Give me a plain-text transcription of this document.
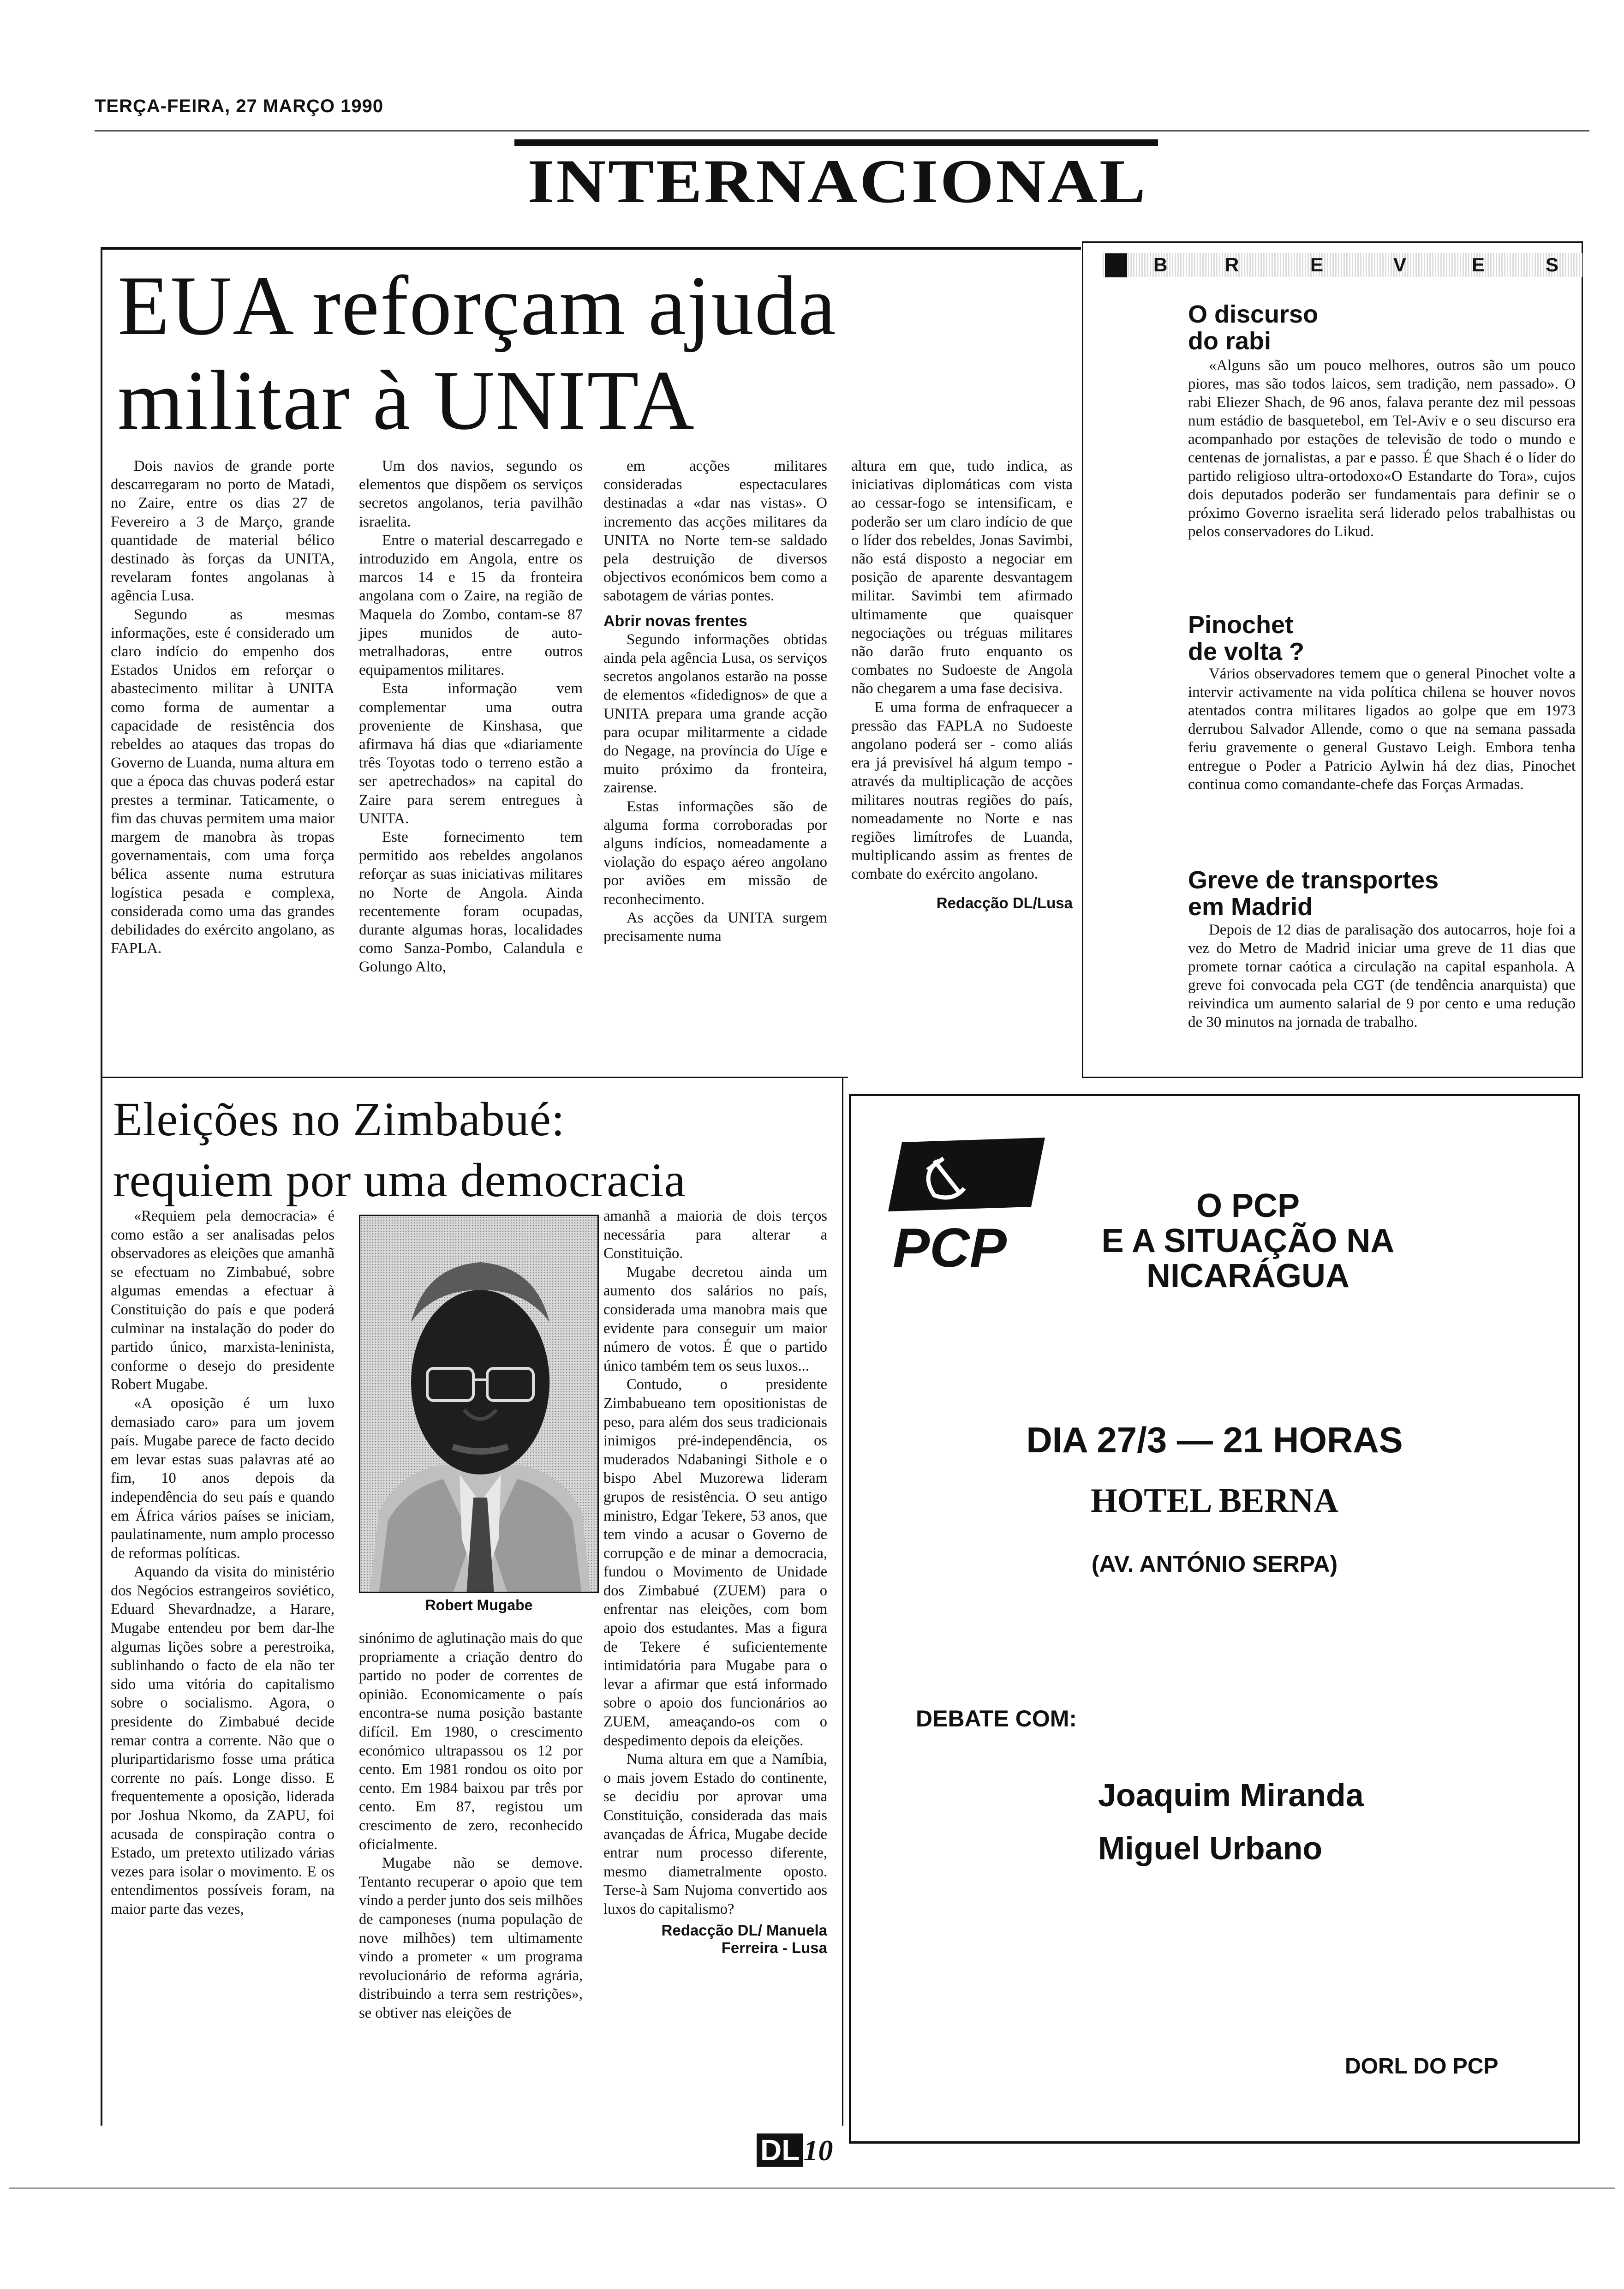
TERÇA-FEIRA, 27 MARÇO 1990
INTERNACIONAL
EUA reforçam ajuda
militar à UNITA

Dois navios de grande porte descarregaram no porto de Matadi, no Zaire, entre os dias 27 de Fevereiro a 3 de Março, grande quantidade de material bélico destinado às forças da UNITA, revelaram fontes angolanas à agência Lusa.

Segundo as mesmas informações, este é considerado um claro indício do empenho dos Estados Unidos em reforçar o abastecimento militar à UNITA como forma de aumentar a capacidade de resistência dos rebeldes ao ataques das tropas do Governo de Luanda, numa altura em que a época das chuvas poderá estar prestes a terminar. Taticamente, o fim das chuvas permitem uma maior margem de manobra às tropas governamentais, com uma força bélica assente numa estrutura logística pesada e complexa, considerada como uma das grandes debilidades do exército angolano, as FAPLA.

Um dos navios, segundo os elementos que dispõem os serviços secretos angolanos, teria pavilhão israelita.

Entre o material descarregado e introduzido em Angola, entre os marcos 14 e 15 da fronteira angolana com o Zaire, na região de Maquela do Zombo, contam-se 87 jipes munidos de auto-metralhadoras, entre outros equipamentos militares.

Esta informação vem complementar uma outra proveniente de Kinshasa, que afirmava há dias que «diariamente três Toyotas todo o terreno estão a ser apetrechados» na capital do Zaire para serem entregues à UNITA.

Este fornecimento tem permitido aos rebeldes angolanos reforçar as suas iniciativas militares no Norte de Angola. Ainda recentemente foram ocupadas, durante algumas horas, localidades como Sanza-Pombo, Calandula e Golungo Alto,

em acções militares consideradas espectaculares destinadas a «dar nas vistas». O incremento das acções militares da UNITA no Norte tem-se saldado pela destruição de diversos objectivos económicos bem como a sabotagem de várias pontes.

Abrir novas frentes

Segundo informações obtidas ainda pela agência Lusa, os serviços secretos angolanos estarão na posse de elementos «fidedignos» de que a UNITA prepara uma grande acção para ocupar militarmente a cidade do Negage, na província do Uíge e muito próximo da fronteira, zairense.

Estas informações são de alguma forma corroboradas por alguns indícios, nomeadamente a violação do espaço aéreo angolano por aviões em missão de reconhecimento.

As acções da UNITA surgem precisamente numa

altura em que, tudo indica, as iniciativas diplomáticas com vista ao cessar-fogo se intensificam, e poderão ser um claro indício de que o líder dos rebeldes, Jonas Savimbi, não está disposto a negociar em posição de aparente desvantagem militar. Savimbi tem afirmado ultimamente que quaisquer negociações ou tréguas militares não darão fruto enquanto os combates no Sudoeste de Angola não chegarem a uma fase decisiva.

E uma forma de enfraquecer a pressão das FAPLA no Sudoeste angolano poderá ser - como aliás era já previsível há algum tempo - através da multiplicação de acções militares noutras regiões do país, nomeadamente no Norte e nas regiões limítrofes de Luanda, multiplicando assim as frentes de combate do exército angolano.

Redacção DL/Lusa

B	R	E	V	E	S
O discurso
do rabi

«Alguns são um pouco melhores, outros são um pouco piores, mas são todos laicos, sem tradição, nem passado». O rabi Eliezer Shach, de 96 anos, falava perante dez mil pessoas num estádio de basquetebol, em Tel-Aviv e o seu discurso era acompanhado por estações de televisão de todo o mundo e centenas de jornalistas, a par e passo. É que Shach é o líder do partido religioso ultra-ortodoxo«O Estandarte do Tora», cujos dois deputados poderão ser fundamentais para definir se o próximo Governo israelita será liderado pelos trabalhistas ou pelos conservadores do Likud.

Pinochet
de volta ?

Vários observadores temem que o general Pinochet volte a intervir activamente na vida política chilena se houver novos atentados contra militares ligados ao golpe que em 1973 derrubou Salvador Allende, como o que na semana passada feriu gravemente o general Gustavo Leigh. Embora tenha entregue o Poder a Patricio Aylwin há dez dias, Pinochet continua como comandante-chefe das Forças Armadas.

Greve de transportes
em Madrid

Depois de 12 dias de paralisação dos autocarros, hoje foi a vez do Metro de Madrid iniciar uma greve de 11 dias que promete tornar caótica a circulação na capital espanhola. A greve foi convocada pela CGT (de tendência anarquista) que reivindica um aumento salarial de 9 por cento e uma redução de 30 minutos na jornada de trabalho.

Eleições no Zimbabué:
requiem por uma democracia

«Requiem pela democracia» é como estão a ser analisadas pelos observadores as eleições que amanhã se efectuam no Zimbabué, sobre algumas emendas a efectuar à Constituição do país e que poderá culminar na instalação do poder do partido único, marxista-leninista, conforme o desejo do presidente Robert Mugabe.

«A oposição é um luxo demasiado caro» para um jovem país. Mugabe parece de facto decido em levar estas suas palavras até ao fim, 10 anos depois da independência do seu país e quando em África vários países se iniciam, paulatinamente, num amplo processo de reformas políticas.

Aquando da visita do ministério dos Negócios estrangeiros soviético, Eduard Shevardnadze, a Harare, Mugabe entendeu por bem dar-lhe algumas lições sobre a perestroika, sublinhando o facto de ela não ter sido uma vitória do capitalismo sobre o socialismo. Agora, o presidente do Zimbabué decide remar contra a corrente. Não que o pluripartidarismo fosse uma prática corrente no país. Longe disso. E frequentemente a oposição, liderada por Joshua Nkomo, da ZAPU, foi acusada de conspiração contra o Estado, um pretexto utilizado várias vezes para isolar o movimento. E os entendimentos possíveis foram, na maior parte das vezes,

Robert Mugabe

sinónimo de aglutinação mais do que propriamente a criação dentro do partido no poder de correntes de opinião. Economicamente o país encontra-se numa posição bastante difícil. Em 1980, o crescimento económico ultrapassou os 12 por cento. Em 1981 rondou os oito por cento. Em 1984 baixou par três por cento. Em 87, registou um crescimento de zero, reconhecido oficialmente.

Mugabe não se demove. Tentanto recuperar o apoio que tem vindo a perder junto dos seis milhões de camponeses (numa população de nove milhões) tem ultimamente vindo a prometer « um programa revolucionário de reforma agrária, distribuindo a terra sem restrições», se obtiver nas eleições de

amanhã a maioria de dois terços necessária para alterar a Constituição.

Mugabe decretou ainda um aumento dos salários no país, considerada uma manobra mais que evidente para conseguir um maior número de votos. É que o partido único também tem os seus luxos...

Contudo, o presidente Zimbabueano tem opositionistas de peso, para além dos seus tradicionais inimigos pré-independência, os muderados Ndabaningi Sithole e o bispo Abel Muzorewa lideram grupos de resistência. O seu antigo ministro, Edgar Tekere, 53 anos, que tem vindo a acusar o Governo de corrupção e de minar a democracia, fundou o Movimento de Unidade dos Zimbabué (ZUEM) para o enfrentar nas eleições, com bom apoio dos estudantes. Mas a figura de Tekere é suficientemente intimidatória para Mugabe para o levar a afirmar que está informado sobre o apoio dos funcionários ao ZUEM, ameaçando-os com o despedimento depois da eleições.

Numa altura em que a Namíbia, o mais jovem Estado do continente, se decidiu por aprovar uma Constituição, considerada das mais avançadas de África, Mugabe decide entrar num processo diferente, mesmo diametralmente oposto. Terse-à Sam Nujoma convertido aos luxos do capitalismo?

Redacção DL/ Manuela
Ferreira - Lusa

PCP
O PCP
E A SITUAÇÃO NA
NICARÁGUA
DIA 27/3 — 21 HORAS
HOTEL BERNA
(AV. ANTÓNIO SERPA)
DEBATE COM:
Joaquim Miranda
Miguel Urbano
DORL DO PCP
DL 10
